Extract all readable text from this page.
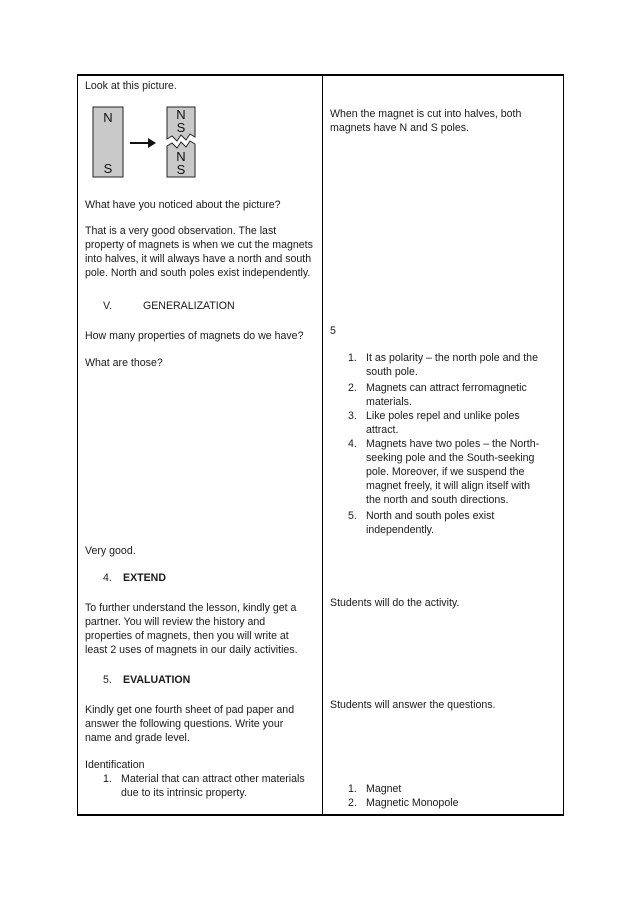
Look at this picture.
N
S
N
S
N
S
What have you noticed about the picture?
That is a very good observation. The last
property of magnets is when we cut the magnets
into halves, it will always have a north and south
pole. North and south poles exist independently.
V.	GENERALIZATION
How many properties of magnets do we have?
What are those?
Very good.
4. EXTEND
To further understand the lesson, kindly get a
partner. You will review the history and
properties of magnets, then you will write at
least 2 uses of magnets in our daily activities.
5. EVALUATION
Kindly get one fourth sheet of pad paper and
answer the following questions. Write your
name and grade level.
Identification
1. Material that can attract other materials
due to its intrinsic property.
When the magnet is cut into halves, both
magnets have N and S poles.
5
1. It as polarity – the north pole and the
south pole.
2. Magnets can attract ferromagnetic
materials.
3. Like poles repel and unlike poles
attract.
4. Magnets have two poles – the North-
seeking pole and the South-seeking
pole. Moreover, if we suspend the
magnet freely, it will align itself with
the north and south directions.
5. North and south poles exist
independently.
Students will do the activity.
Students will answer the questions.
1. Magnet
2. Magnetic Monopole
